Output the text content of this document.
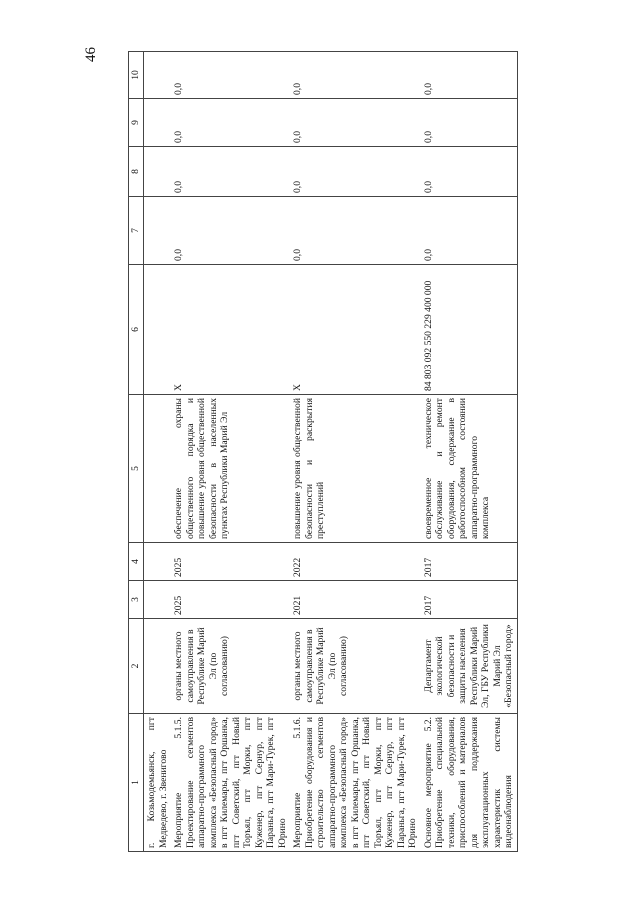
46
1	2	3	4	5	6	7	8	9	10
г. Козьмодемьянск, пгт Медведево, г. Звенигово									
Мероприятие 5.1.5. Проектирование сегментов аппаратно-программного комплекса «Безопасный город» в пгт Килемары, пгт Оршанка, пгт Советский, пгт Новый Торъял, пгт Морки, пгт Куженер, пгт Сернур, пгт Параньга, пгт Мари-Турек, пгт Юрино	органы местного самоуправления в Республике Марий Эл (по согласованию)	2025	2025	обеспечение охраны общественного порядка и повышение уровня общественной безопасности в населенных пунктах Республики Марий Эл	Х	0,0	0,0	0,0	0,0
Мероприятие 5.1.6. Приобретение оборудования и строительство сегментов аппаратно-программного комплекса «Безопасный город» в пгт Килемары, пгт Оршанка, пгт Советский, пгт Новый Торъял, пгт Морки, пгт Куженер, пгт Сернур, пгт Параньга, пгт Мари-Турек, пгт Юрино	органы местного самоуправления в Республике Марий Эл (по согласованию)	2021	2022	повышение уровня общественной безопасности и раскрытия преступлений	Х	0,0	0,0	0,0	0,0
Основное мероприятие 5.2. Приобретение специальной техники, оборудования, приспособлений и материалов для поддержания эксплуатационных характеристик системы видеонаблюдения	Департамент экологической безопасности и защиты населения Республики Марий Эл, ГБУ Республики Марий Эл «Безопасный город»	2017	2017	своевременное техническое обслуживание и ремонт оборудования, содержание в работоспособном состоянии аппаратно-программного комплекса	84 803 092 550 229 400 000	0,0	0,0	0,0	0,0
